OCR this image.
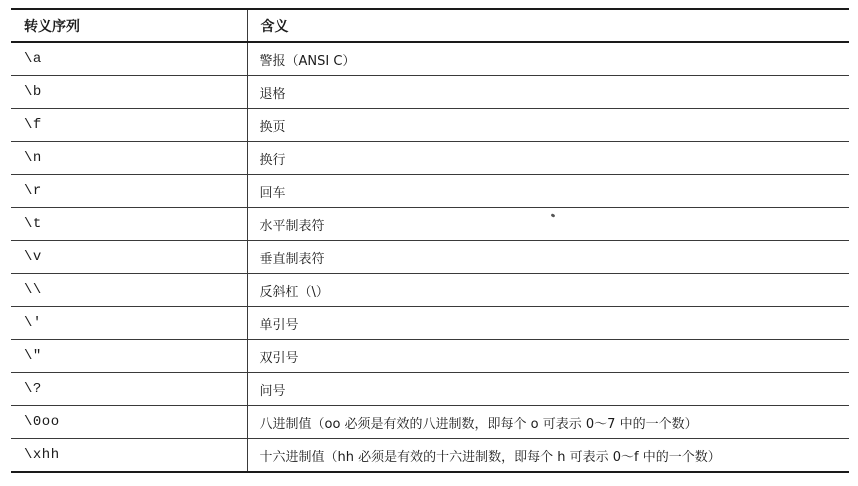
转义序列	含义
\a	警报（ANSI C）
\b	退格
\f	换页
\n	换行
\r	回车
\t	水平制表符
\v	垂直制表符
\\	反斜杠（\）
\'	单引号
\"	双引号
\?	问号
\0oo	八进制值（oo 必须是有效的八进制数，即每个 o 可表示 0～7 中的一个数）
\xhh	十六进制值（hh 必须是有效的十六进制数，即每个 h 可表示 0～f 中的一个数）
